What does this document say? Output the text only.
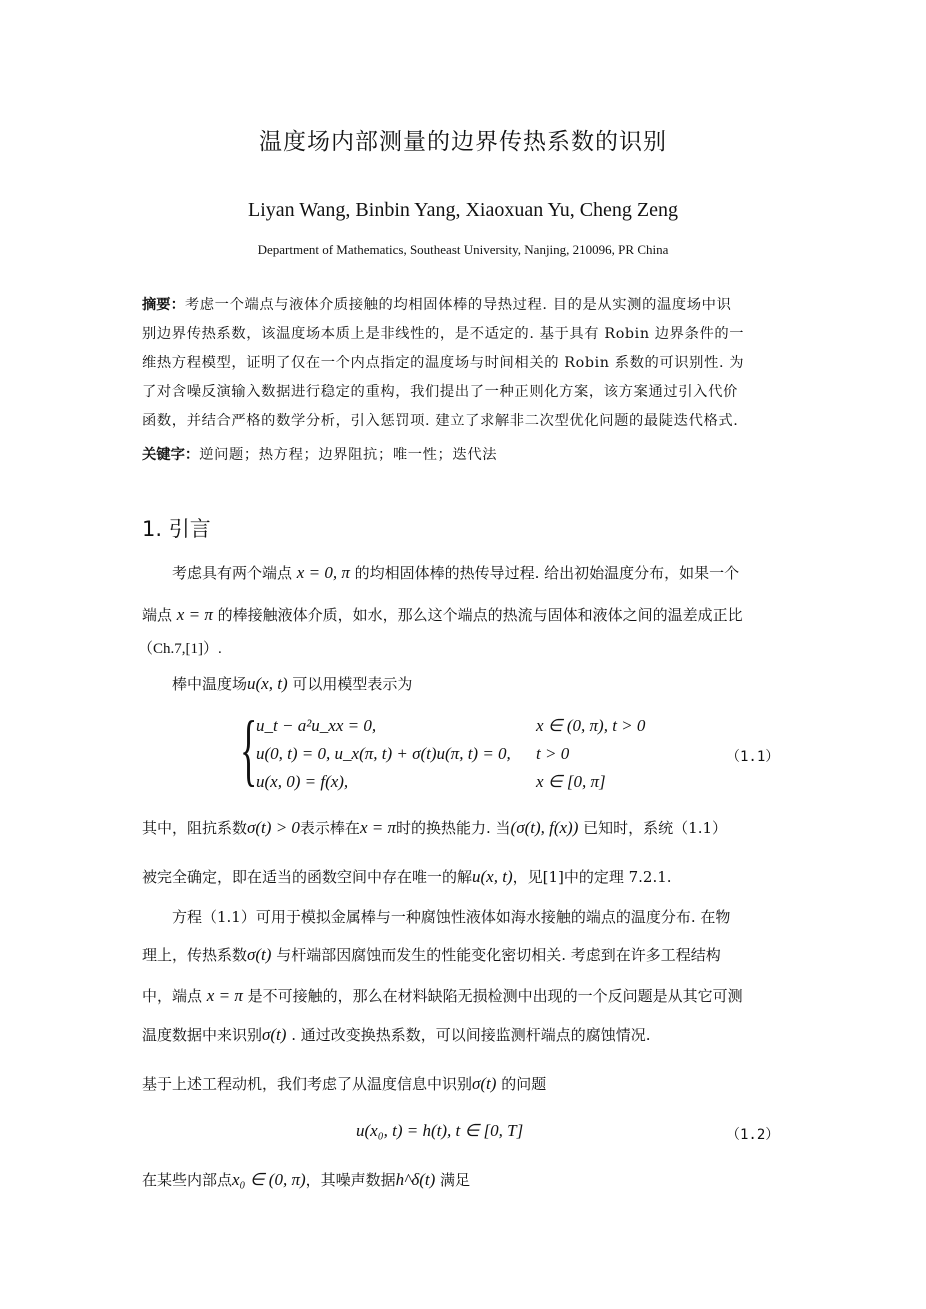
温度场内部测量的边界传热系数的识别
Liyan Wang, Binbin Yang, Xiaoxuan Yu, Cheng Zeng
Department of Mathematics, Southeast University, Nanjing, 210096, PR China
摘要：考虑一个端点与液体介质接触的均相固体棒的导热过程. 目的是从实测的温度场中识
别边界传热系数，该温度场本质上是非线性的，是不适定的. 基于具有 Robin 边界条件的一
维热方程模型，证明了仅在一个内点指定的温度场与时间相关的 Robin 系数的可识别性. 为
了对含噪反演输入数据进行稳定的重构，我们提出了一种正则化方案，该方案通过引入代价
函数，并结合严格的数学分析，引入惩罚项. 建立了求解非二次型优化问题的最陡迭代格式.
关键字：逆问题；热方程；边界阻抗；唯一性；迭代法
1. 引言
考虑具有两个端点 x = 0, π 的均相固体棒的热传导过程. 给出初始温度分布，如果一个
端点 x = π 的棒接触液体介质，如水，那么这个端点的热流与固体和液体之间的温差成正比
（Ch.7,[1]）.
棒中温度场u(x, t) 可以用模型表示为
{
u_t − a²u_xx = 0,	x ∈ (0, π), t > 0
u(0, t) = 0, u_x(π, t) + σ(t)u(π, t) = 0, t > 0
u(x, 0) = f(x),	x ∈ [0, π]
（1.1）
其中，阻抗系数σ(t) > 0表示棒在x = π时的换热能力. 当(σ(t), f(x)) 已知时，系统（1.1）
被完全确定，即在适当的函数空间中存在唯一的解u(x, t)，见[1]中的定理 7.2.1.
方程（1.1）可用于模拟金属棒与一种腐蚀性液体如海水接触的端点的温度分布. 在物
理上，传热系数σ(t) 与杆端部因腐蚀而发生的性能变化密切相关. 考虑到在许多工程结构
中，端点 x = π 是不可接触的，那么在材料缺陷无损检测中出现的一个反问题是从其它可测
温度数据中来识别σ(t) . 通过改变换热系数，可以间接监测杆端点的腐蚀情况.
基于上述工程动机，我们考虑了从温度信息中识别σ(t) 的问题
u(x₀, t) = h(t), t ∈ [0, T]	（1.2）
在某些内部点x₀ ∈ (0, π)，其噪声数据h^δ(t) 满足
